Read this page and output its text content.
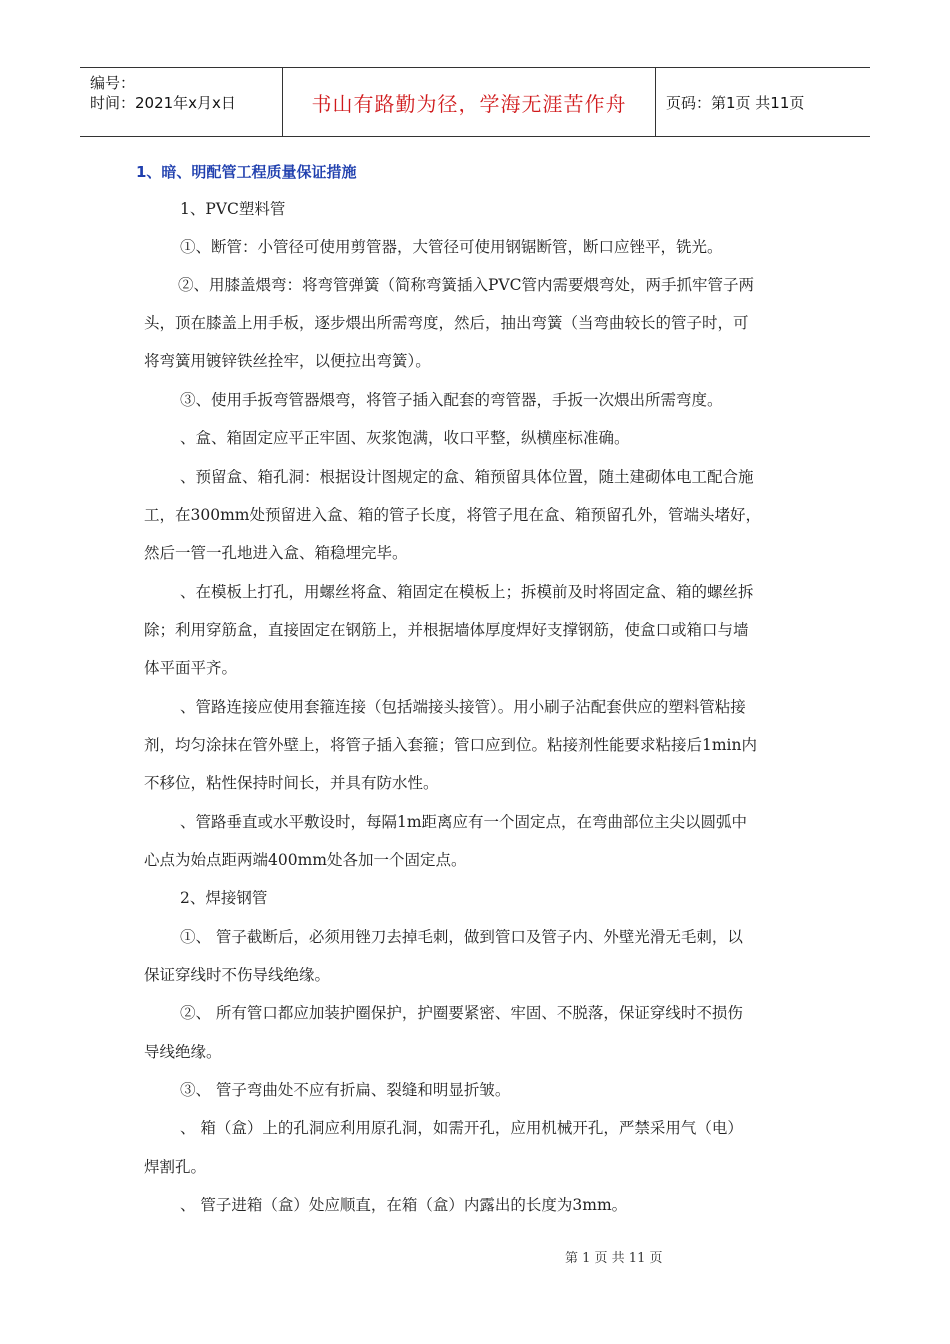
编号：
时间：2021年x月x日	书山有路勤为径，学海无涯苦作舟	页码：第1页 共11页
1、暗、明配管工程质量保证措施
1、PVC塑料管
①、断管：小管径可使用剪管器，大管径可使用钢锯断管，断口应锉平，铣光。
②、用膝盖煨弯：将弯管弹簧（简称弯簧插入PVC管内需要煨弯处，两手抓牢管子两
头，顶在膝盖上用手板，逐步煨出所需弯度，然后，抽出弯簧（当弯曲较长的管子时，可
将弯簧用镀锌铁丝拴牢，以便拉出弯簧）。
③、使用手扳弯管器煨弯，将管子插入配套的弯管器，手扳一次煨出所需弯度。
、盒、箱固定应平正牢固、灰浆饱满，收口平整，纵横座标准确。
、预留盒、箱孔洞：根据设计图规定的盒、箱预留具体位置，随土建砌体电工配合施
工，在300mm处预留进入盒、箱的管子长度，将管子甩在盒、箱预留孔外，管端头堵好，
然后一管一孔地进入盒、箱稳埋完毕。
、在模板上打孔，用螺丝将盒、箱固定在模板上；拆模前及时将固定盒、箱的螺丝拆
除；利用穿筋盒，直接固定在钢筋上，并根据墙体厚度焊好支撑钢筋，使盒口或箱口与墙
体平面平齐。
、管路连接应使用套箍连接（包括端接头接管）。用小刷子沾配套供应的塑料管粘接
剂，均匀涂抹在管外壁上，将管子插入套箍；管口应到位。粘接剂性能要求粘接后1min内
不移位，粘性保持时间长，并具有防水性。
、管路垂直或水平敷设时，每隔1m距离应有一个固定点，在弯曲部位主尖以圆弧中
心点为始点距两端400mm处各加一个固定点。
2、焊接钢管
①、 管子截断后，必须用锉刀去掉毛刺，做到管口及管子内、外壁光滑无毛刺，以
保证穿线时不伤导线绝缘。
②、 所有管口都应加装护圈保护，护圈要紧密、牢固、不脱落，保证穿线时不损伤
导线绝缘。
③、 管子弯曲处不应有折扁、裂缝和明显折皱。
、 箱（盒）上的孔洞应利用原孔洞，如需开孔，应用机械开孔，严禁采用气（电）
焊割孔。
、 管子进箱（盒）处应顺直，在箱（盒）内露出的长度为3mm。
第 1 页 共 11 页
